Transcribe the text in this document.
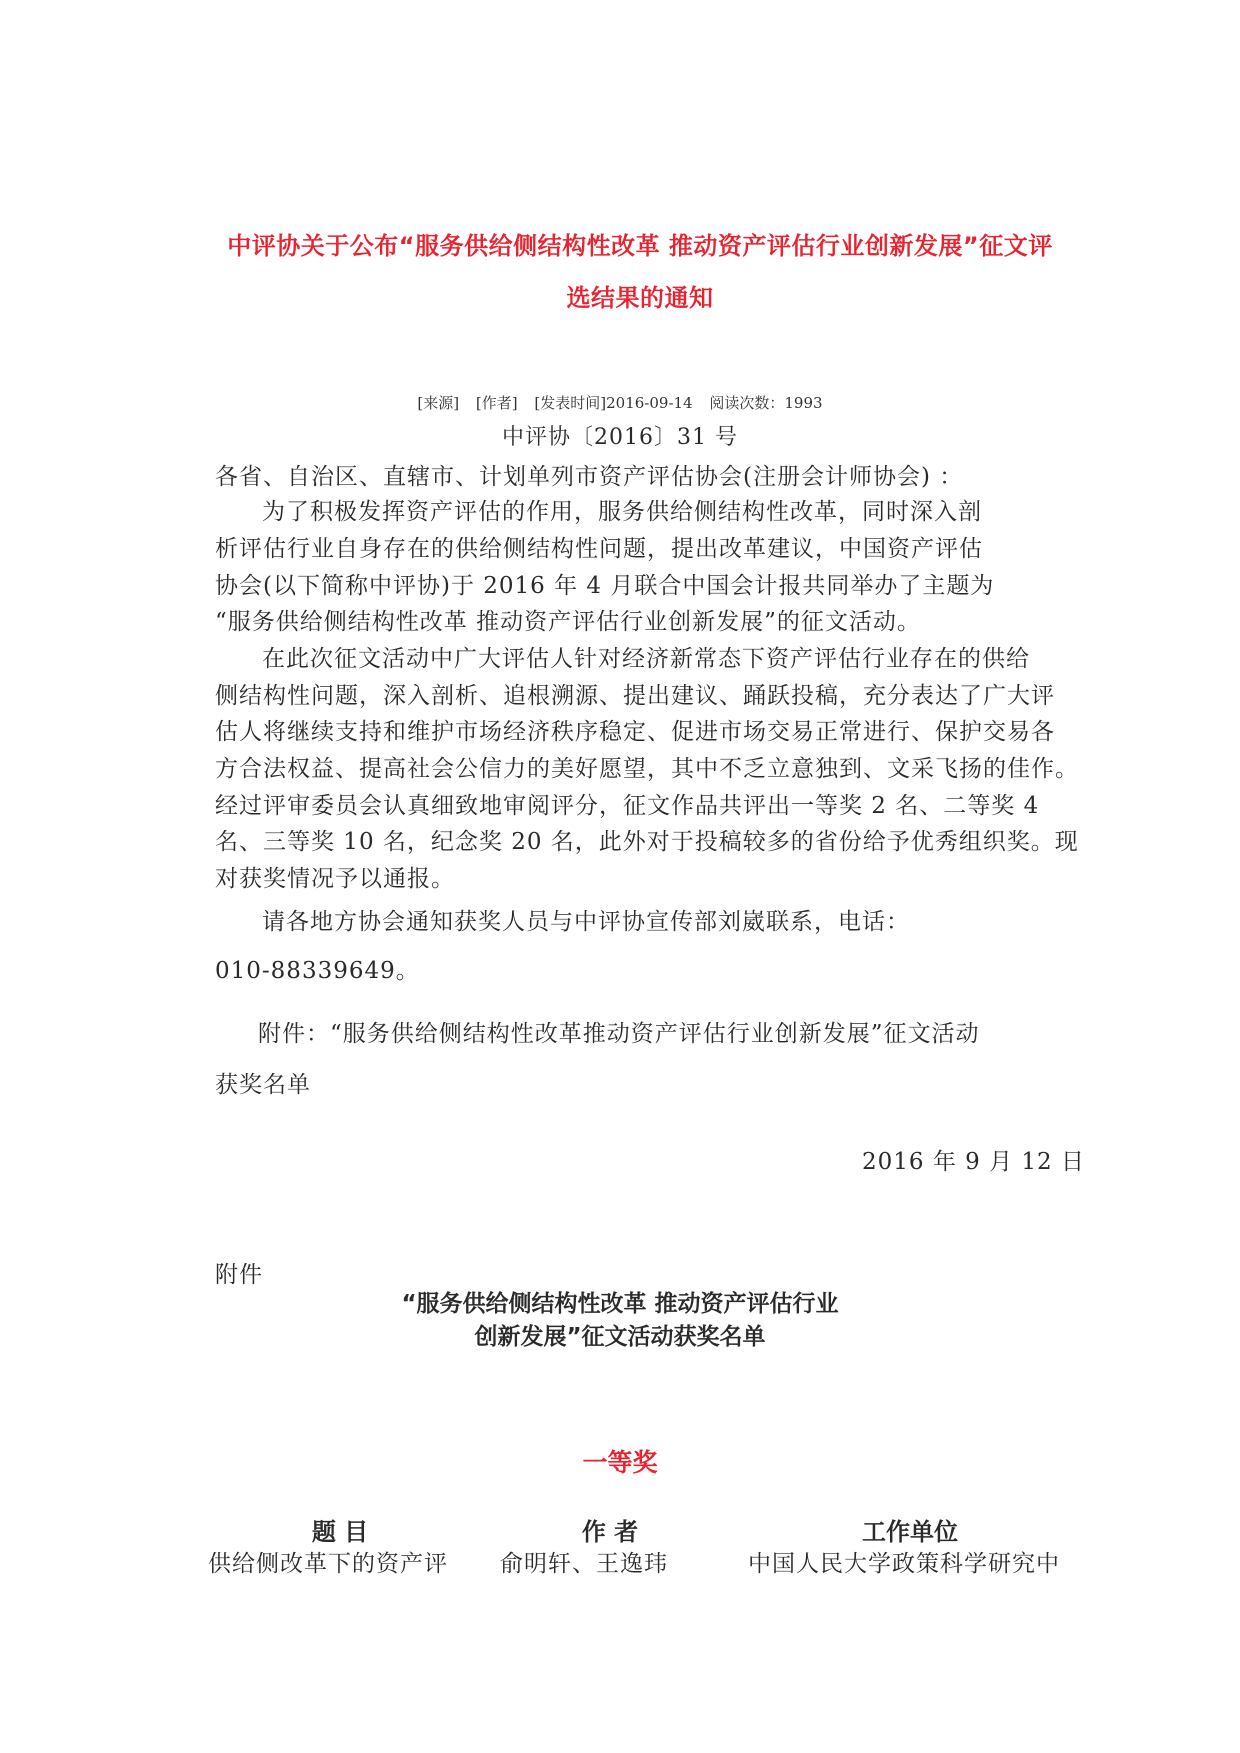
中评协关于公布“服务供给侧结构性改革 推动资产评估行业创新发展”征文评
选结果的通知
[来源] [作者] [发表时间]2016-09-14 阅读次数：1993
中评协〔2016〕31 号
各省、自治区、直辖市、计划单列市资产评估协会(注册会计师协会) ：
为了积极发挥资产评估的作用，服务供给侧结构性改革，同时深入剖
析评估行业自身存在的供给侧结构性问题，提出改革建议，中国资产评估
协会(以下简称中评协)于 2016 年 4 月联合中国会计报共同举办了主题为
“服务供给侧结构性改革 推动资产评估行业创新发展”的征文活动。
在此次征文活动中广大评估人针对经济新常态下资产评估行业存在的供给
侧结构性问题，深入剖析、追根溯源、提出建议、踊跃投稿，充分表达了广大评
估人将继续支持和维护市场经济秩序稳定、促进市场交易正常进行、保护交易各
方合法权益、提高社会公信力的美好愿望，其中不乏立意独到、文采飞扬的佳作。
经过评审委员会认真细致地审阅评分，征文作品共评出一等奖 2 名、二等奖 4
名、三等奖 10 名，纪念奖 20 名，此外对于投稿较多的省份给予优秀组织奖。现
对获奖情况予以通报。
请各地方协会通知获奖人员与中评协宣传部刘崴联系，电话：
010-88339649。
附件：“服务供给侧结构性改革推动资产评估行业创新发展”征文活动
获奖名单
2016 年 9 月 12 日
附件
“服务供给侧结构性改革 推动资产评估行业
创新发展”征文活动获奖名单
一等奖
题 目	作 者	工作单位
供给侧改革下的资产评 俞明轩、王逸玮	中国人民大学政策科学研究中
